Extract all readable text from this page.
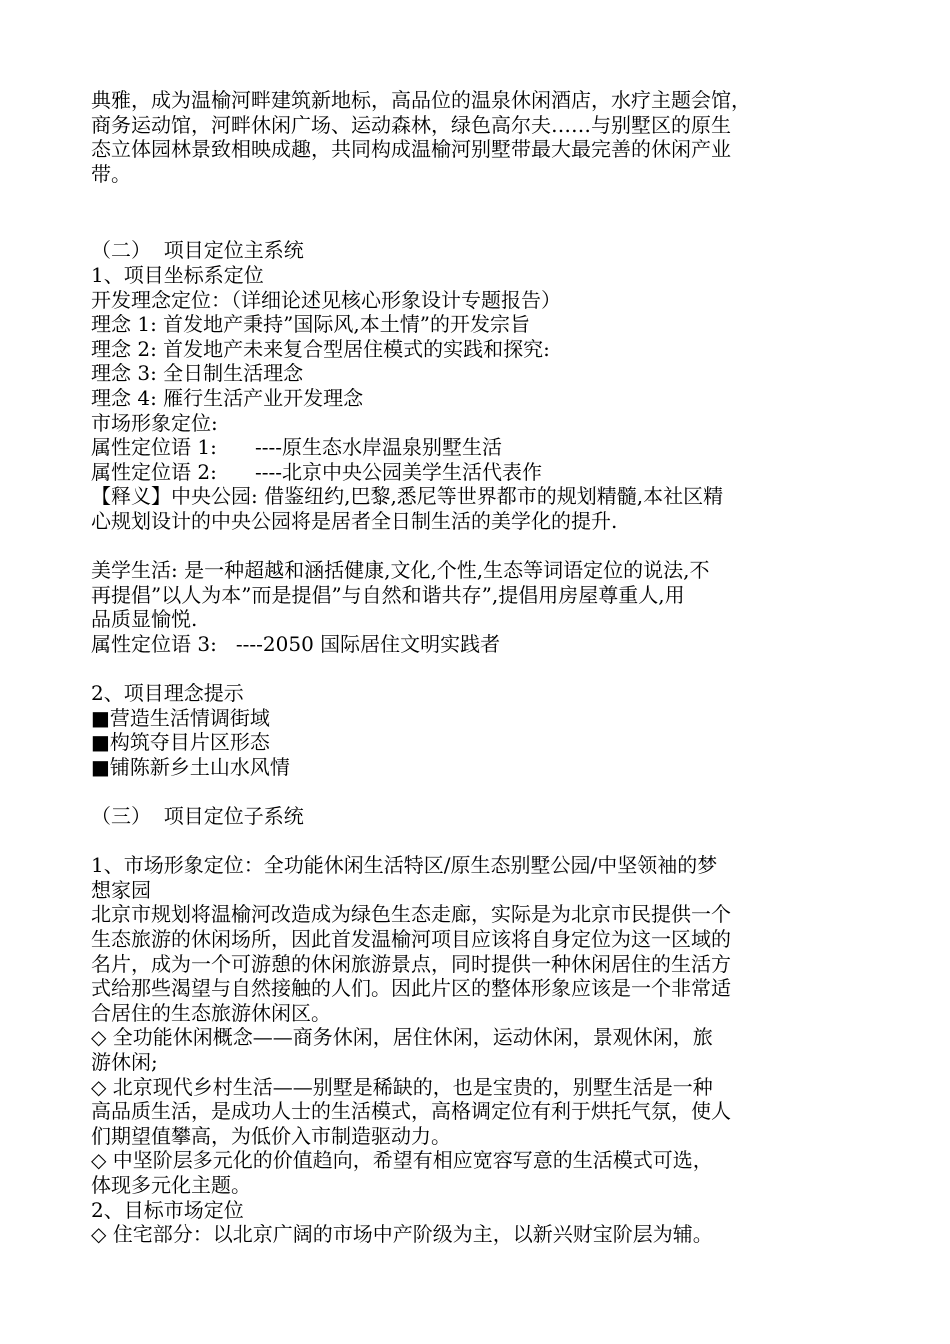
典雅，成为温榆河畔建筑新地标，高品位的温泉休闲酒店，水疗主题会馆，
商务运动馆，河畔休闲广场、运动森林，绿色高尔夫……与别墅区的原生
态立体园林景致相映成趣，共同构成温榆河别墅带最大最完善的休闲产业
带。
（二）  项目定位主系统
1、项目坐标系定位
开发理念定位：（详细论述见核心形象设计专题报告）
理念 1: 首发地产秉持”国际风,本土情”的开发宗旨
理念 2: 首发地产未来复合型居住模式的实践和探究:
理念 3: 全日制生活理念
理念 4: 雁行生活产业开发理念
市场形象定位:
属性定位语 1:      ----原生态水岸温泉别墅生活
属性定位语 2:      ----北京中央公园美学生活代表作
【释义】中央公园: 借鉴纽约,巴黎,悉尼等世界都市的规划精髓,本社区精
心规划设计的中央公园将是居者全日制生活的美学化的提升.
美学生活: 是一种超越和涵括健康,文化,个性,生态等词语定位的说法,不
再提倡”以人为本”而是提倡”与自然和谐共存”,提倡用房屋尊重人,用
品质显愉悦.
属性定位语 3:   ----2050 国际居住文明实践者
2、项目理念提示
■营造生活情调街域
■构筑夺目片区形态
■铺陈新乡土山水风情
（三）  项目定位子系统
1、市场形象定位：全功能休闲生活特区/原生态别墅公园/中坚领袖的梦
想家园
北京市规划将温榆河改造成为绿色生态走廊，实际是为北京市民提供一个
生态旅游的休闲场所，因此首发温榆河项目应该将自身定位为这一区域的
名片，成为一个可游憩的休闲旅游景点，同时提供一种休闲居住的生活方
式给那些渴望与自然接触的人们。因此片区的整体形象应该是一个非常适
合居住的生态旅游休闲区。
◇ 全功能休闲概念——商务休闲，居住休闲，运动休闲，景观休闲，旅
游休闲;
◇ 北京现代乡村生活——别墅是稀缺的，也是宝贵的，别墅生活是一种
高品质生活，是成功人士的生活模式，高格调定位有利于烘托气氛，使人
们期望值攀高，为低价入市制造驱动力。
◇ 中坚阶层多元化的价值趋向，希望有相应宽容写意的生活模式可选，
体现多元化主题。
2、目标市场定位
◇ 住宅部分：以北京广阔的市场中产阶级为主，以新兴财宝阶层为辅。
